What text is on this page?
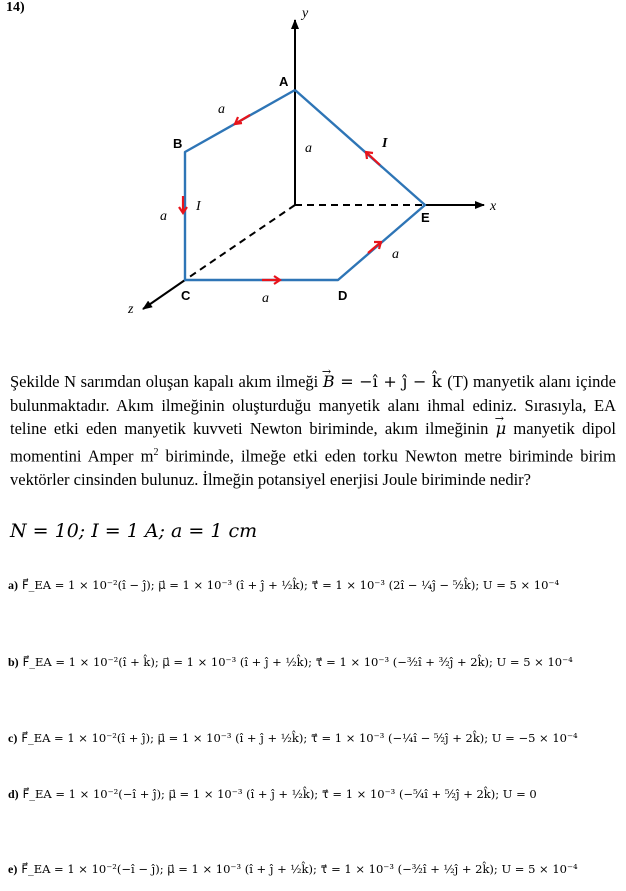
14)	y
x
z
A
B
C	D
E
a
a
a
a
a
I
I

Şekilde N sarımdan oluşan kapalı akım ilmeği → B = −î + ĵ − k̂ (T) manyetik alanı içinde bulunmaktadır. Akım ilmeğinin oluşturduğu manyetik alanı ihmal ediniz. Sırasıyla, EA teline etki eden manyetik kuvveti Newton biriminde, akım ilmeğinin → μ manyetik dipol momentini Amper $m^2$ biriminde, ilmeğe etki eden torku Newton metre biriminde birim vektörler cinsinden bulunuz. İlmeğin potansiyel enerjisi Joule biriminde nedir?

N = 10; I = 1 A; a = 1 cm
a) F⃗_EA = 1 × 10⁻²(î − ĵ); μ⃗ = 1 × 10⁻³ (î + ĵ + ½k̂); τ⃗ = 1 × 10⁻³ (2î − ¼ĵ − ⁵⁄₂k̂); U = 5 × 10⁻⁴
b) F⃗_EA = 1 × 10⁻²(î + k̂); μ⃗ = 1 × 10⁻³ (î + ĵ + ½k̂); τ⃗ = 1 × 10⁻³ (−³⁄₂î + ³⁄₂ĵ + 2k̂); U = 5 × 10⁻⁴
c) F⃗_EA = 1 × 10⁻²(î + ĵ); μ⃗ = 1 × 10⁻³ (î + ĵ + ½k̂); τ⃗ = 1 × 10⁻³ (−¼î − ⁵⁄₂ĵ + 2k̂); U = −5 × 10⁻⁴
d) F⃗_EA = 1 × 10⁻²(−î + ĵ); μ⃗ = 1 × 10⁻³ (î + ĵ + ½k̂); τ⃗ = 1 × 10⁻³ (−⁵⁄₄î + ⁵⁄₂ĵ + 2k̂); U = 0
e) F⃗_EA = 1 × 10⁻²(−î − ĵ); μ⃗ = 1 × 10⁻³ (î + ĵ + ½k̂); τ⃗ = 1 × 10⁻³ (−³⁄₂î + ½ĵ + 2k̂); U = 5 × 10⁻⁴
